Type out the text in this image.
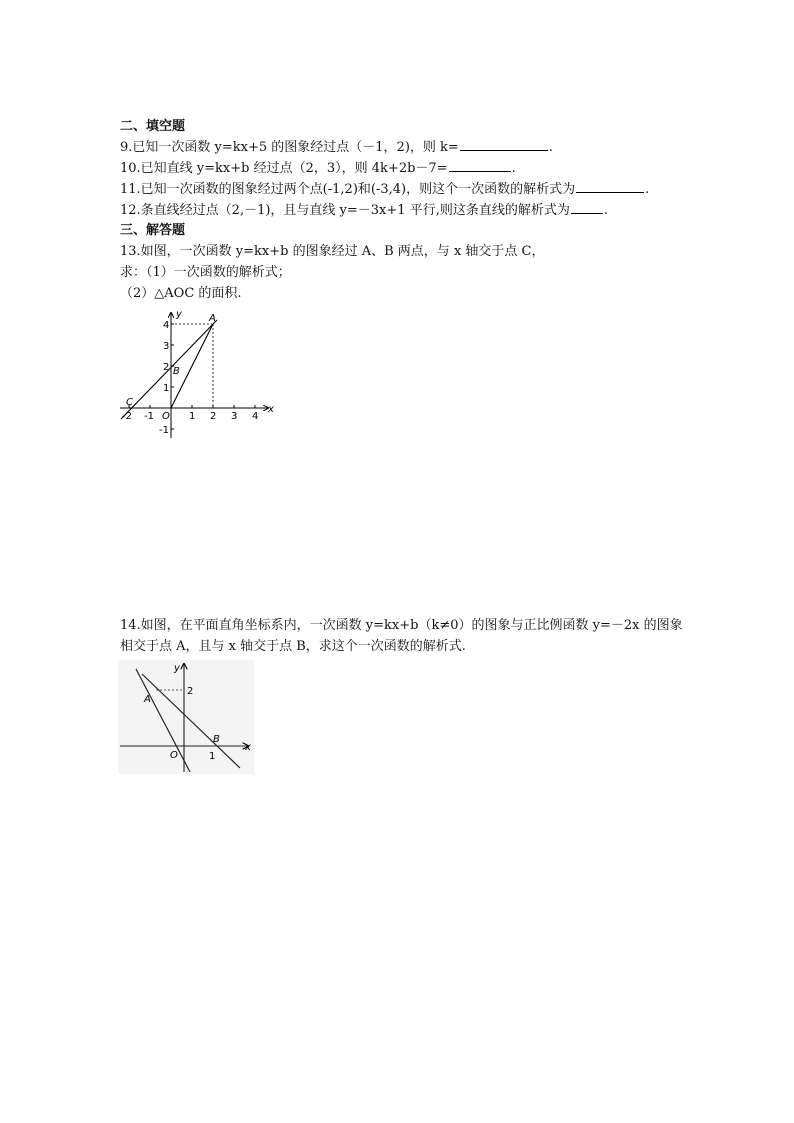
二、填空题
9.已知一次函数 y=kx+5 的图象经过点（－1，2)，则 k=	.
10.已知直线 y=kx+b 经过点（2，3），则 4k+2b－7=	.
11.已知一次函数的图象经过两个点(-1,2)和(-3,4)，则这个一次函数的解析式为	.
12.条直线经过点（2,－1)，且与直线 y=－3x+1 平行,则这条直线的解析式为	.
三、解答题
13.如图，一次函数 y=kx+b 的图象经过 A、B 两点，与 x 轴交于点 C，
求：（1）一次函数的解析式；
（2）△AOC 的面积.
y
x
A
B
C
O
-2 -1	1 2 3 4
4
3
2
1
-1
14.如图，在平面直角坐标系内，一次函数 y=kx+b（k≠0）的图象与正比例函数 y=－2x 的图象
相交于点 A，且与 x 轴交于点 B，求这个一次函数的解析式.
y
x
2
A
B
O	1
